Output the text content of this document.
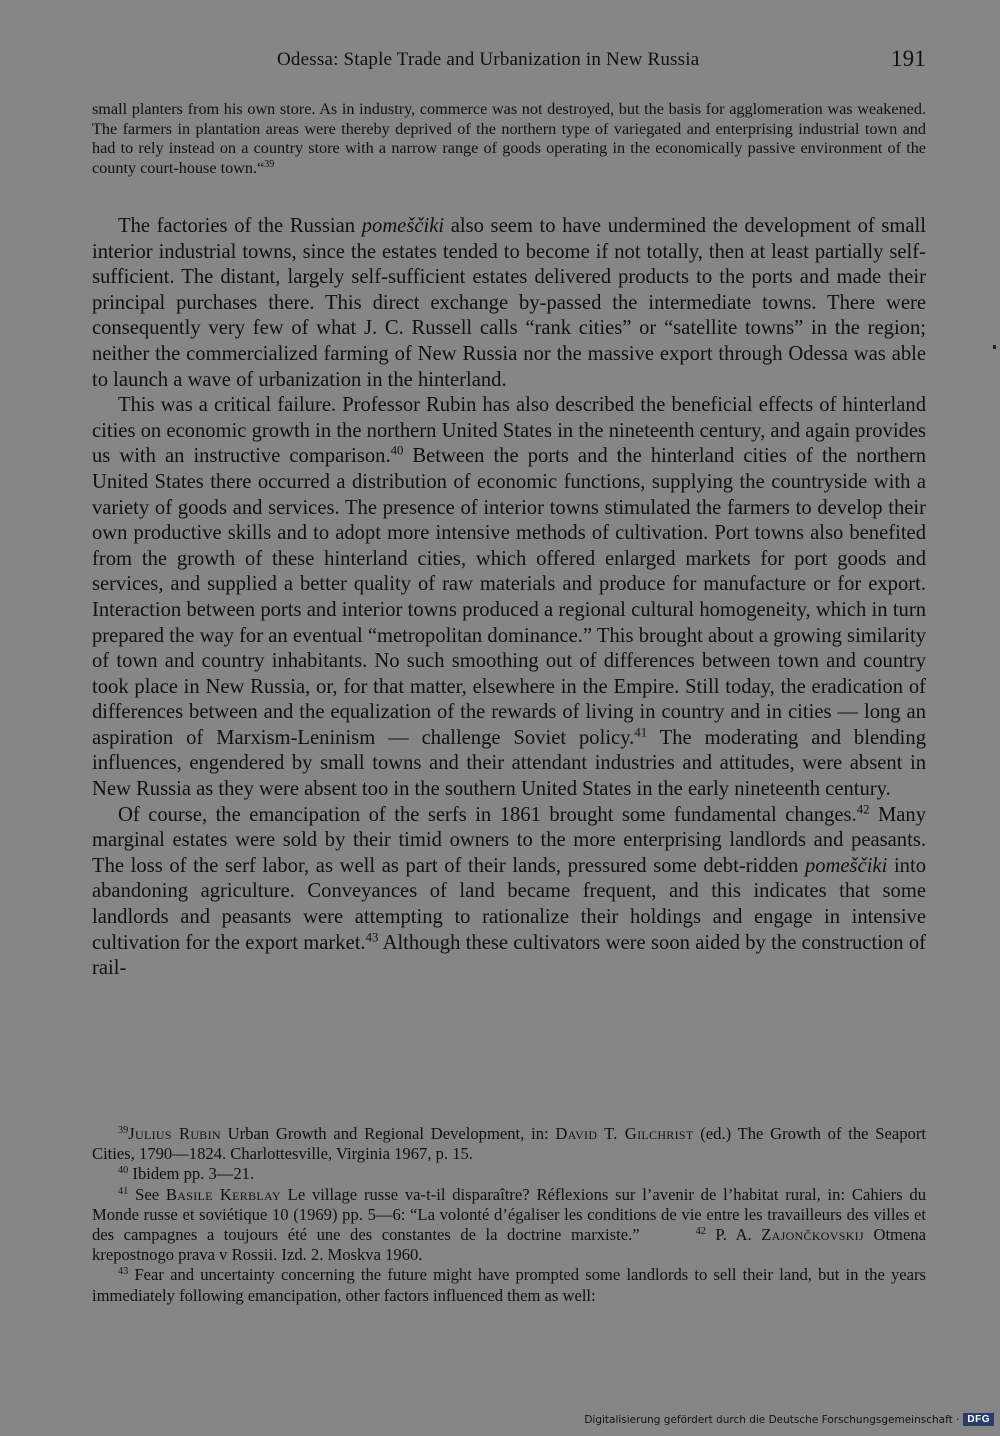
Odessa: Staple Trade and Urbanization in New Russia	191

small planters from his own store. As in industry, commerce was not destroyed, but the basis for agglomeration was weakened. The farmers in plantation areas were thereby deprived of the northern type of variegated and enterprising industrial town and had to rely instead on a country store with a narrow range of goods operating in the economically passive environment of the county court-house town.“$^{39}$

The factories of the Russian pomeščiki also seem to have undermined the development of small interior industrial towns, since the estates tended to become if not totally, then at least partially self-sufficient. The distant, largely self-sufficient estates delivered products to the ports and made their principal purchases there. This direct exchange by-passed the intermediate towns. There were consequently very few of what J. C. Russell calls “rank cities” or “satellite towns” in the region; neither the commercialized farming of New Russia nor the massive export through Odessa was able to launch a wave of urbanization in the hinterland.

This was a critical failure. Professor Rubin has also described the beneficial effects of hinterland cities on economic growth in the northern United States in the nineteenth century, and again provides us with an instructive comparison.$^{40}$ Between the ports and the hinterland cities of the northern United States there occurred a distribution of economic functions, supplying the countryside with a variety of goods and services. The presence of interior towns stimulated the farmers to develop their own productive skills and to adopt more intensive methods of cultivation. Port towns also benefited from the growth of these hinterland cities, which offered enlarged markets for port goods and services, and supplied a better quality of raw materials and produce for manufacture or for export. Interaction between ports and interior towns produced a regional cultural homogeneity, which in turn prepared the way for an eventual “metropolitan dominance.” This brought about a growing similarity of town and country inhabitants. No such smoothing out of differences between town and country took place in New Russia, or, for that matter, elsewhere in the Empire. Still today, the eradication of differences between and the equalization of the rewards of living in country and in cities — long an aspiration of Marxism-Leninism — challenge Soviet policy.$^{41}$ The moderating and blending influences, engendered by small towns and their attendant industries and attitudes, were absent in New Russia as they were absent too in the southern United States in the early nineteenth century.

Of course, the emancipation of the serfs in 1861 brought some fundamental changes.$^{42}$ Many marginal estates were sold by their timid owners to the more enterprising landlords and peasants. The loss of the serf labor, as well as part of their lands, pressured some debt-ridden pomeščiki into abandoning agriculture. Conveyances of land became frequent, and this indicates that some landlords and peasants were attempting to rationalize their holdings and engage in intensive cultivation for the export market.$^{43}$ Although these cultivators were soon aided by the construction of rail-

$^{39}$Julius Rubin Urban Growth and Regional Development, in: David T. Gilchrist (ed.) The Growth of the Seaport Cities, 1790—1824. Charlottesville, Virginia 1967, p. 15.

$^{40}$ Ibidem pp. 3—21.

$^{41}$ See Basile Kerblay Le village russe va-t-il disparaître? Réflexions sur l’avenir de l’habitat rural, in: Cahiers du Monde russe et soviétique 10 (1969) pp. 5—6: “La volonté d’égaliser les conditions de vie entre les travailleurs des villes et des campagnes a toujours été une des constantes de la doctrine marxiste.”	$^{42}$ P. A. Zajončkovskij Otmena krepostnogo prava v Rossii. Izd. 2. Moskva 1960.

$^{43}$ Fear and uncertainty concerning the future might have prompted some landlords to sell their land, but in the years immediately following emancipation, other factors influenced them as well:

Digitalisierung gefördert durch die Deutsche Forschungsgemeinschaft · DFG
